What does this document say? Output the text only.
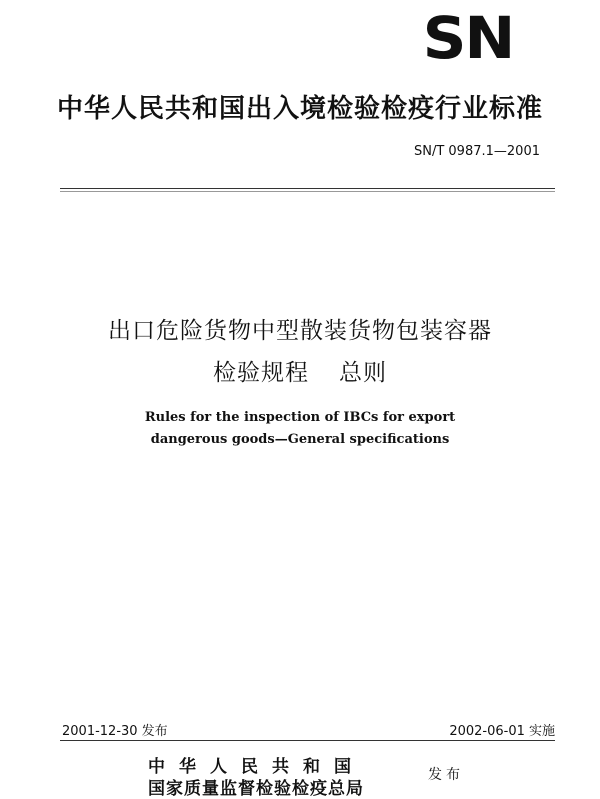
SN
中华人民共和国出入境检验检疫行业标准
SN/T 0987.1—2001
出口危险货物中型散装货物包装容器
检验规程 总则
Rules for the inspection of IBCs for export
dangerous goods—General specifications
2001-12-30 发布	2002-06-01 实施
中华人民共和国
国家质量监督检验检疫总局
发布
